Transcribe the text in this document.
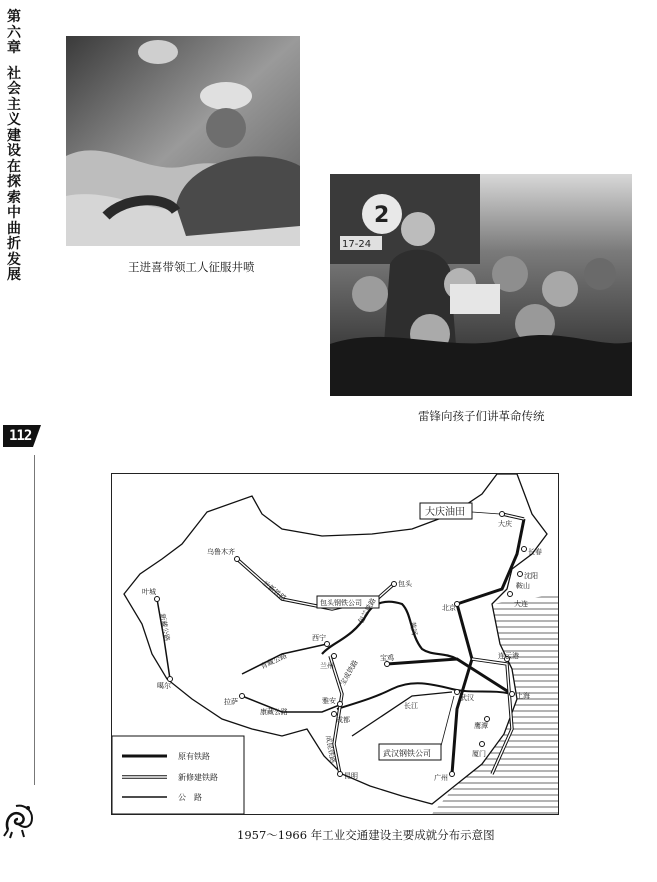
第六章
社会主义建设在探索中曲折发展
112
王进喜带领工人征服井喷
2
17-24
雷锋向孩子们讲革命传统
大庆油田
包头钢铁公司
武汉钢铁公司
乌鲁木齐
叶城
噶尔
拉萨
西宁
兰州
宝鸡
雅安
成都
昆明
包头
北京
大庆
长春
沈阳
鞍山
大连
连云港
武汉	上海
鹰潭
厦门
广州
兰新铁路
包兰铁路
青藏公路
新藏公路
康藏公路
宝成铁路
成昆铁路
黄河
长江
原有铁路
新修建铁路
公　路
1957～1966 年工业交通建设主要成就分布示意图
